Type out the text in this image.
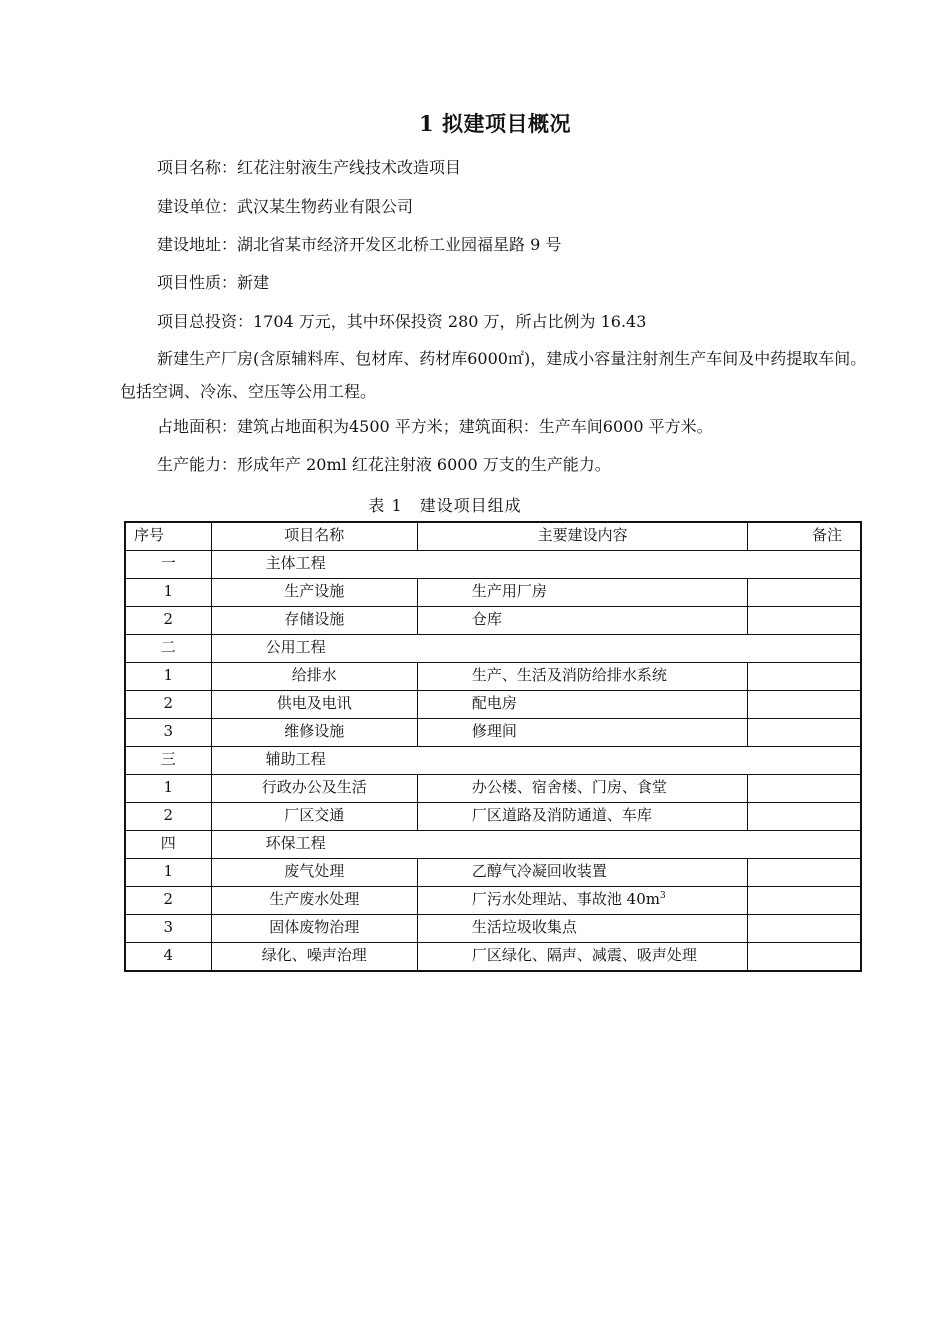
1 拟建项目概况
项目名称：红花注射液生产线技术改造项目
建设单位：武汉某生物药业有限公司
建设地址：湖北省某市经济开发区北桥工业园福星路 9 号
项目性质：新建
项目总投资：1704 万元，其中环保投资 280 万，所占比例为 16.43
新建生产厂房(含原辅料库、包材库、药材库6000㎡)，建成小容量注射剂生产车间及中药提取车间。包括空调、冷冻、空压等公用工程。
占地面积：建筑占地面积为4500 平方米；建筑面积：生产车间6000 平方米。
生产能力：形成年产 20ml 红花注射液 6000 万支的生产能力。
表 1　建设项目组成
序号	项目名称	主要建设内容	备注
一	主体工程		
1	生产设施	生产用厂房	
2	存储设施	仓库	
二	公用工程		
1	给排水	生产、生活及消防给排水系统	
2	供电及电讯	配电房	
3	维修设施	修理间	
三	辅助工程		
1	行政办公及生活	办公楼、宿舍楼、门房、食堂	
2	厂区交通	厂区道路及消防通道、车库	
四	环保工程		
1	废气处理	乙醇气冷凝回收装置	
2	生产废水处理	厂污水处理站、事故池 $40m^3$	
3	固体废物治理	生活垃圾收集点	
4	绿化、噪声治理	厂区绿化、隔声、减震、吸声处理	
